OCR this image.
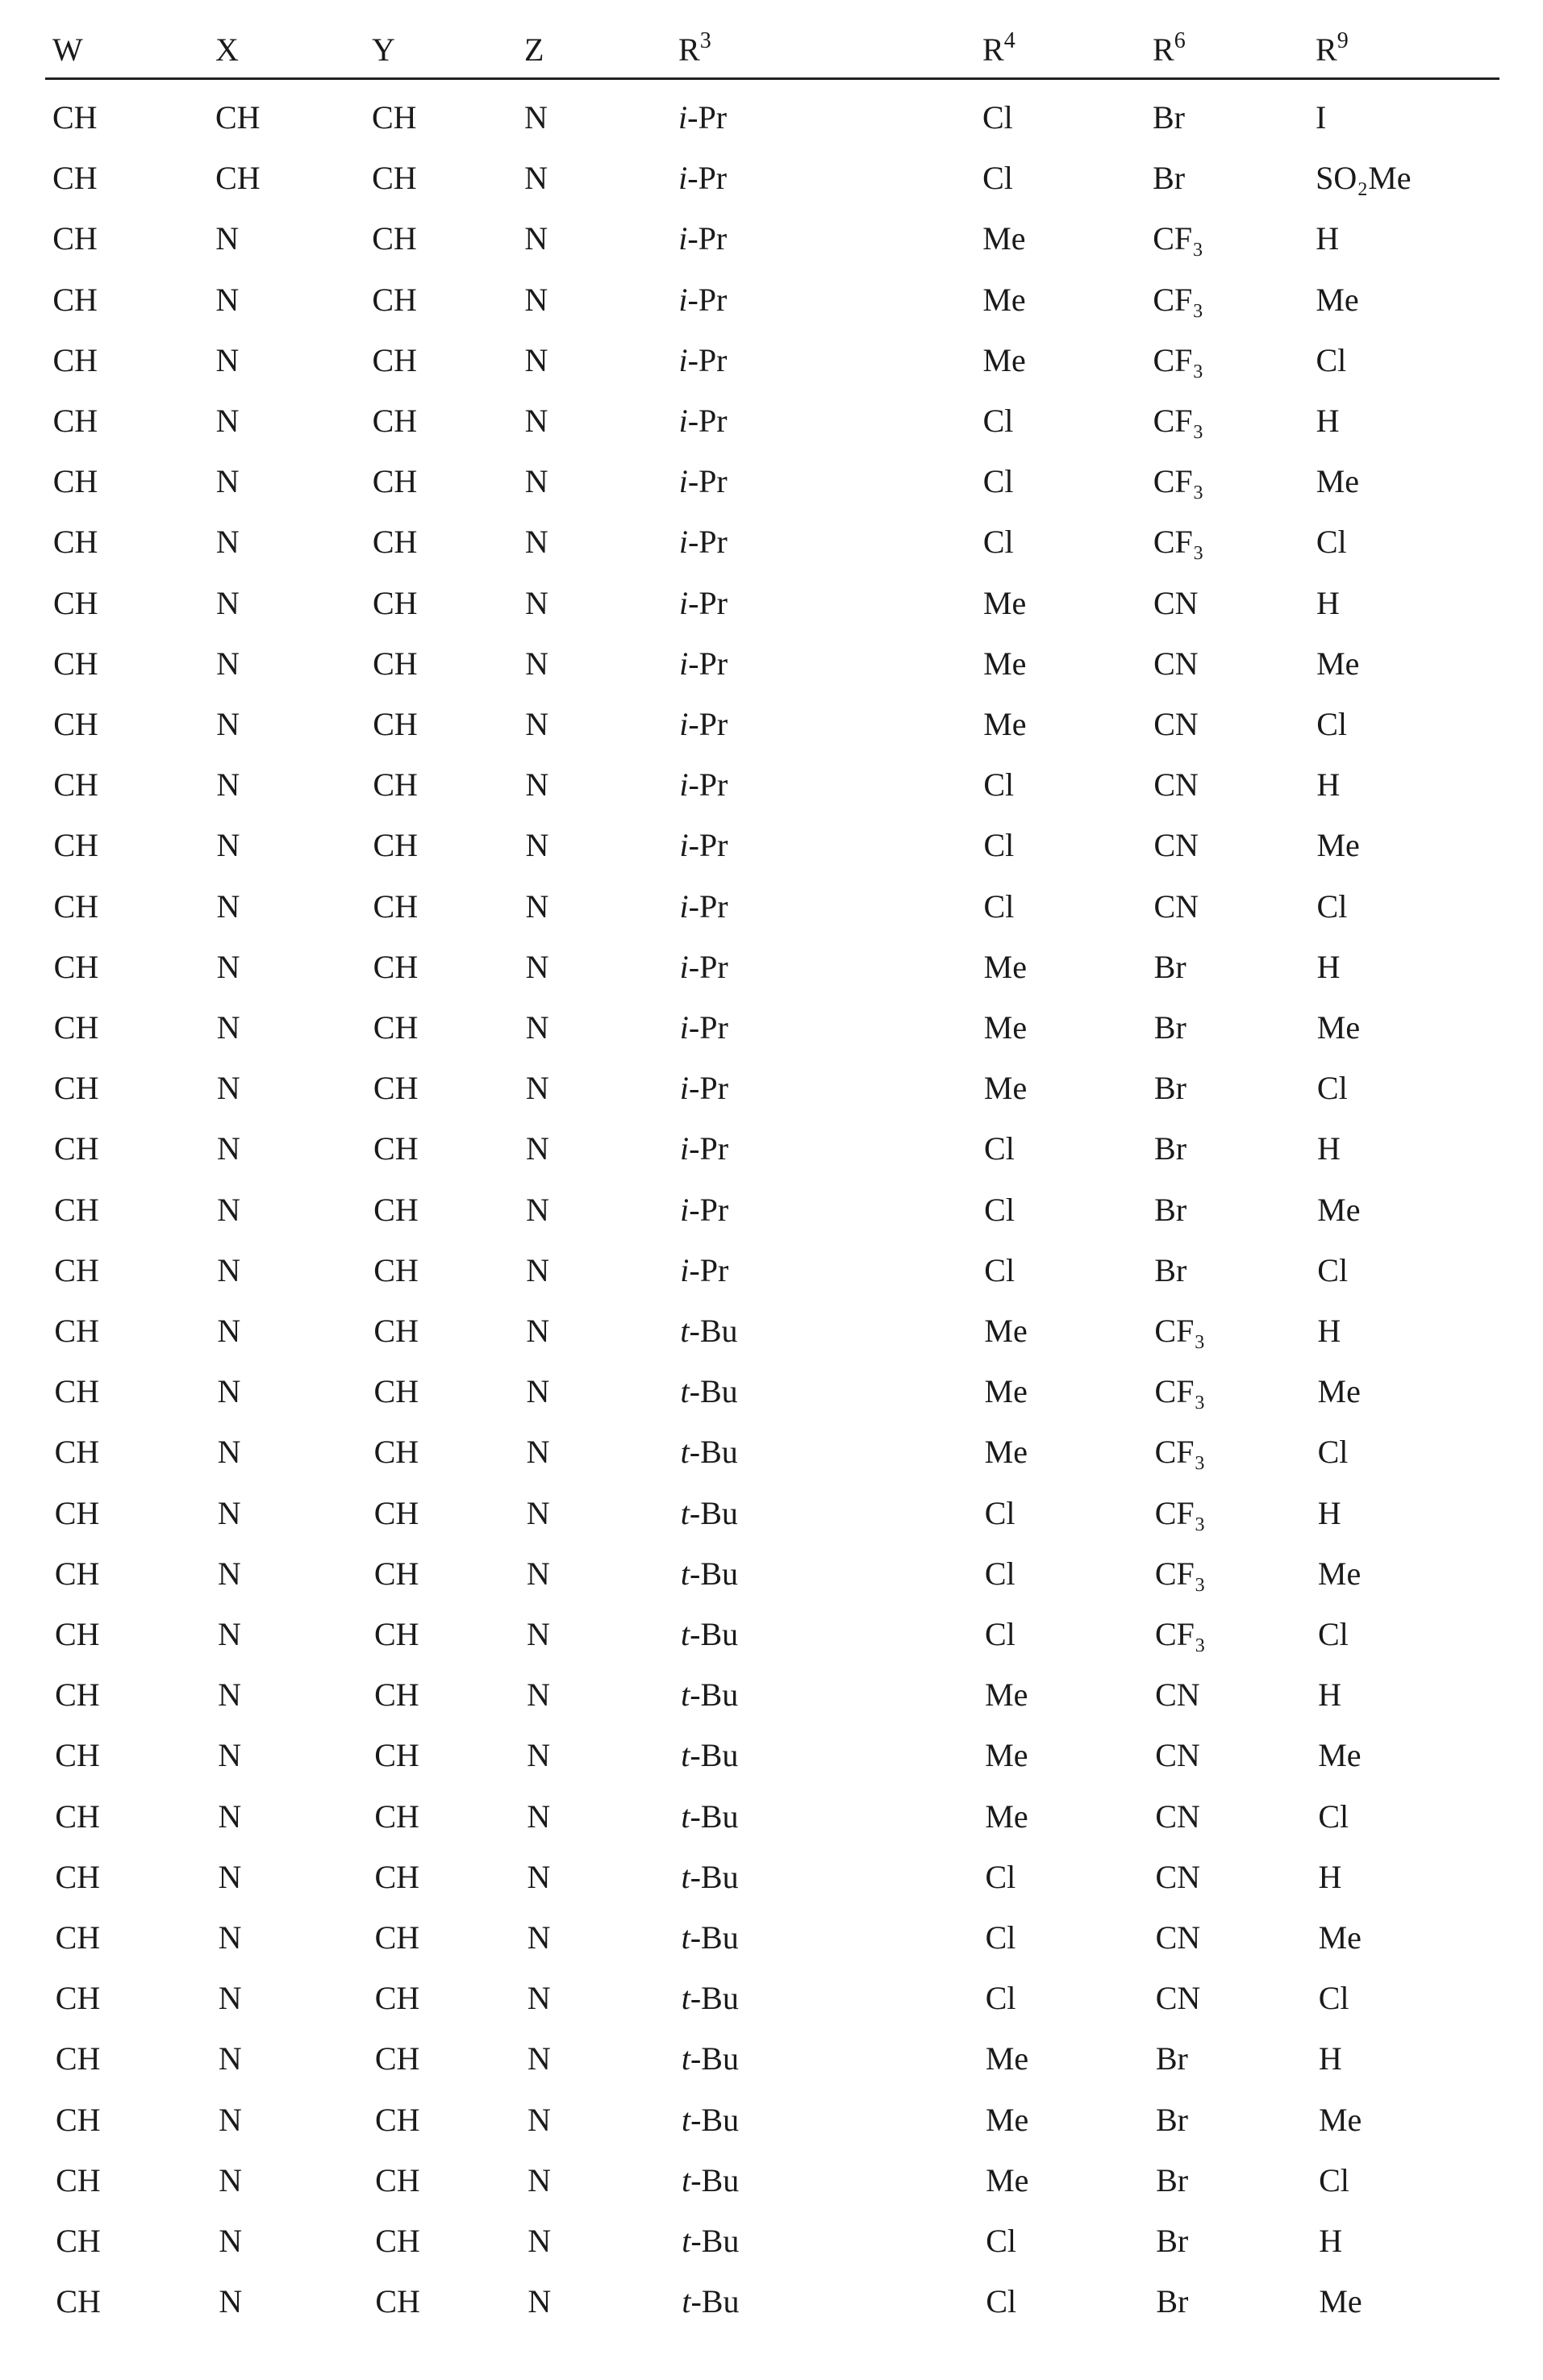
W	X	Y	Z	R3	R4	R6	R9
CH	CH	CH	N	i-Pr	Cl	Br	I
CH	CH	CH	N	i-Pr	Cl	Br	SO₂Me
CH	N	CH	N	i-Pr	Me	CF₃	H
CH	N	CH	N	i-Pr	Me	CF₃	Me
CH	N	CH	N	i-Pr	Me	CF₃	Cl
CH	N	CH	N	i-Pr	Cl	CF₃	H
CH	N	CH	N	i-Pr	Cl	CF₃	Me
CH	N	CH	N	i-Pr	Cl	CF₃	Cl
CH	N	CH	N	i-Pr	Me	CN	H
CH	N	CH	N	i-Pr	Me	CN	Me
CH	N	CH	N	i-Pr	Me	CN	Cl
CH	N	CH	N	i-Pr	Cl	CN	H
CH	N	CH	N	i-Pr	Cl	CN	Me
CH	N	CH	N	i-Pr	Cl	CN	Cl
CH	N	CH	N	i-Pr	Me	Br	H
CH	N	CH	N	i-Pr	Me	Br	Me
CH	N	CH	N	i-Pr	Me	Br	Cl
CH	N	CH	N	i-Pr	Cl	Br	H
CH	N	CH	N	i-Pr	Cl	Br	Me
CH	N	CH	N	i-Pr	Cl	Br	Cl
CH	N	CH	N	t-Bu	Me	CF₃	H
CH	N	CH	N	t-Bu	Me	CF₃	Me
CH	N	CH	N	t-Bu	Me	CF₃	Cl
CH	N	CH	N	t-Bu	Cl	CF₃	H
CH	N	CH	N	t-Bu	Cl	CF₃	Me
CH	N	CH	N	t-Bu	Cl	CF₃	Cl
CH	N	CH	N	t-Bu	Me	CN	H
CH	N	CH	N	t-Bu	Me	CN	Me
CH	N	CH	N	t-Bu	Me	CN	Cl
CH	N	CH	N	t-Bu	Cl	CN	H
CH	N	CH	N	t-Bu	Cl	CN	Me
CH	N	CH	N	t-Bu	Cl	CN	Cl
CH	N	CH	N	t-Bu	Me	Br	H
CH	N	CH	N	t-Bu	Me	Br	Me
CH	N	CH	N	t-Bu	Me	Br	Cl
CH	N	CH	N	t-Bu	Cl	Br	H
CH	N	CH	N	t-Bu	Cl	Br	Me
